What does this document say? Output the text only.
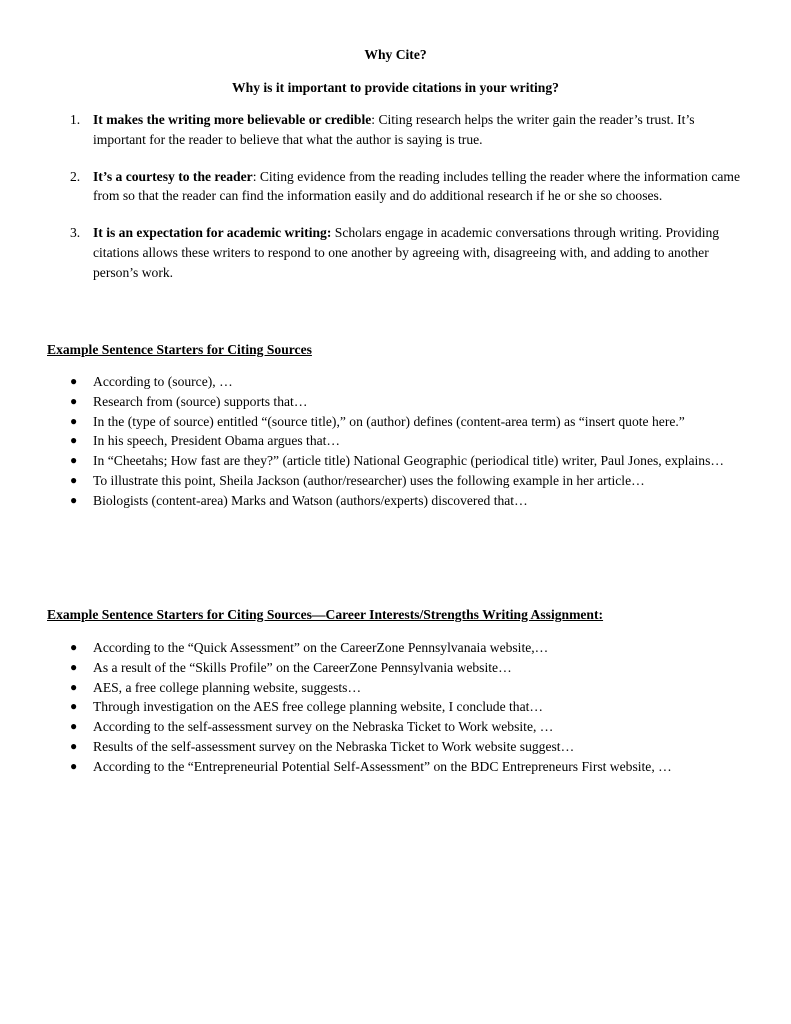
Why Cite?

Why is it important to provide citations in your writing?

1. It makes the writing more believable or credible: Citing research helps the writer gain the reader’s trust. It’s important for the reader to believe that what the author is saying is true.
2. It’s a courtesy to the reader: Citing evidence from the reading includes telling the reader where the information came from so that the reader can find the information easily and do additional research if he or she so chooses.
3. It is an expectation for academic writing: Scholars engage in academic conversations through writing. Providing citations allows these writers to respond to one another by agreeing with, disagreeing with, and adding to another person’s work.

Example Sentence Starters for Citing Sources

● According to (source), …
● Research from (source) supports that…
● In the (type of source) entitled “(source title),” on (author) defines (content-area term) as “insert quote here.”
● In his speech, President Obama argues that…
● In “Cheetahs; How fast are they?” (article title) National Geographic (periodical title) writer, Paul Jones, explains…
● To illustrate this point, Sheila Jackson (author/researcher) uses the following example in her article…
● Biologists (content-area) Marks and Watson (authors/experts) discovered that…

Example Sentence Starters for Citing Sources—Career Interests/Strengths Writing Assignment:

● According to the “Quick Assessment” on the CareerZone Pennsylvanaia website,…
● As a result of the “Skills Profile” on the CareerZone Pennsylvania website…
● AES, a free college planning website, suggests…
● Through investigation on the AES free college planning website, I conclude that…
● According to the self-assessment survey on the Nebraska Ticket to Work website, …
● Results of the self-assessment survey on the Nebraska Ticket to Work website suggest…
● According to the “Entrepreneurial Potential Self-Assessment” on the BDC Entrepreneurs First website, …
